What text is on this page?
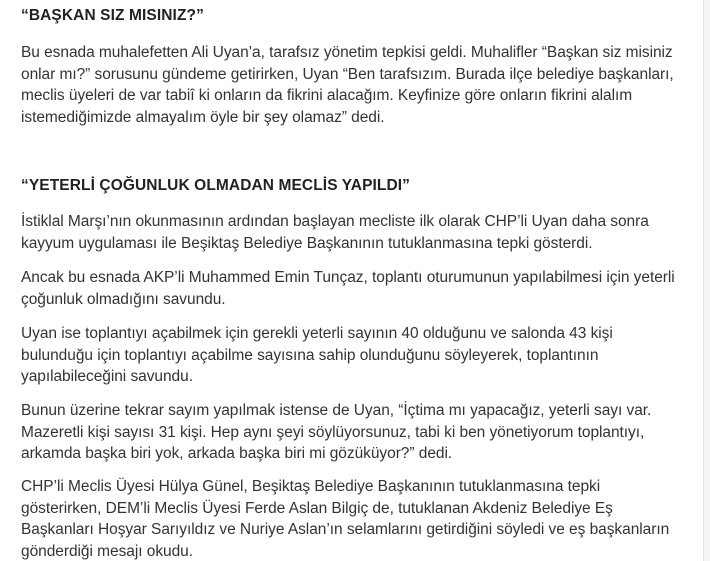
“BAŞKAN SIZ MISINIZ?”

Bu esnada muhalefetten Ali Uyan’a, tarafsız yönetim tepkisi geldi. Muhalifler “Başkan siz misiniz
onlar mı?” sorusunu gündeme getirirken, Uyan “Ben tarafsızım. Burada ilçe belediye başkanları,
meclis üyeleri de var tabiî ki onların da fikrini alacağım. Keyfinize göre onların fikrini alalım
istemediğimizde almayalım öyle bir şey olamaz” dedi.

“YETERLİ ÇOĞUNLUK OLMADAN MECLİS YAPILDI”

İstiklal Marşı’nın okunmasının ardından başlayan mecliste ilk olarak CHP’li Uyan daha sonra
kayyum uygulaması ile Beşiktaş Belediye Başkanının tutuklanmasına tepki gösterdi.

Ancak bu esnada AKP’li Muhammed Emin Tunçaz, toplantı oturumunun yapılabilmesi için yeterli
çoğunluk olmadığını savundu.

Uyan ise toplantıyı açabilmek için gerekli yeterli sayının 40 olduğunu ve salonda 43 kişi
bulunduğu için toplantıyı açabilme sayısına sahip olunduğunu söyleyerek, toplantının
yapılabileceğini savundu.

Bunun üzerine tekrar sayım yapılmak istense de Uyan, “İçtima mı yapacağız, yeterli sayı var.
Mazeretli kişi sayısı 31 kişi. Hep aynı şeyi söylüyorsunuz, tabi ki ben yönetiyorum toplantıyı,
arkamda başka biri yok, arkada başka biri mi gözüküyor?” dedi.

CHP’li Meclis Üyesi Hülya Günel, Beşiktaş Belediye Başkanının tutuklanmasına tepki
gösterirken, DEM’li Meclis Üyesi Ferde Aslan Bilgiç de, tutuklanan Akdeniz Belediye Eş
Başkanları Hoşyar Sarıyıldız ve Nuriye Aslan’ın selamlarını getirdiğini söyledi ve eş başkanların
gönderdiği mesajı okudu.
